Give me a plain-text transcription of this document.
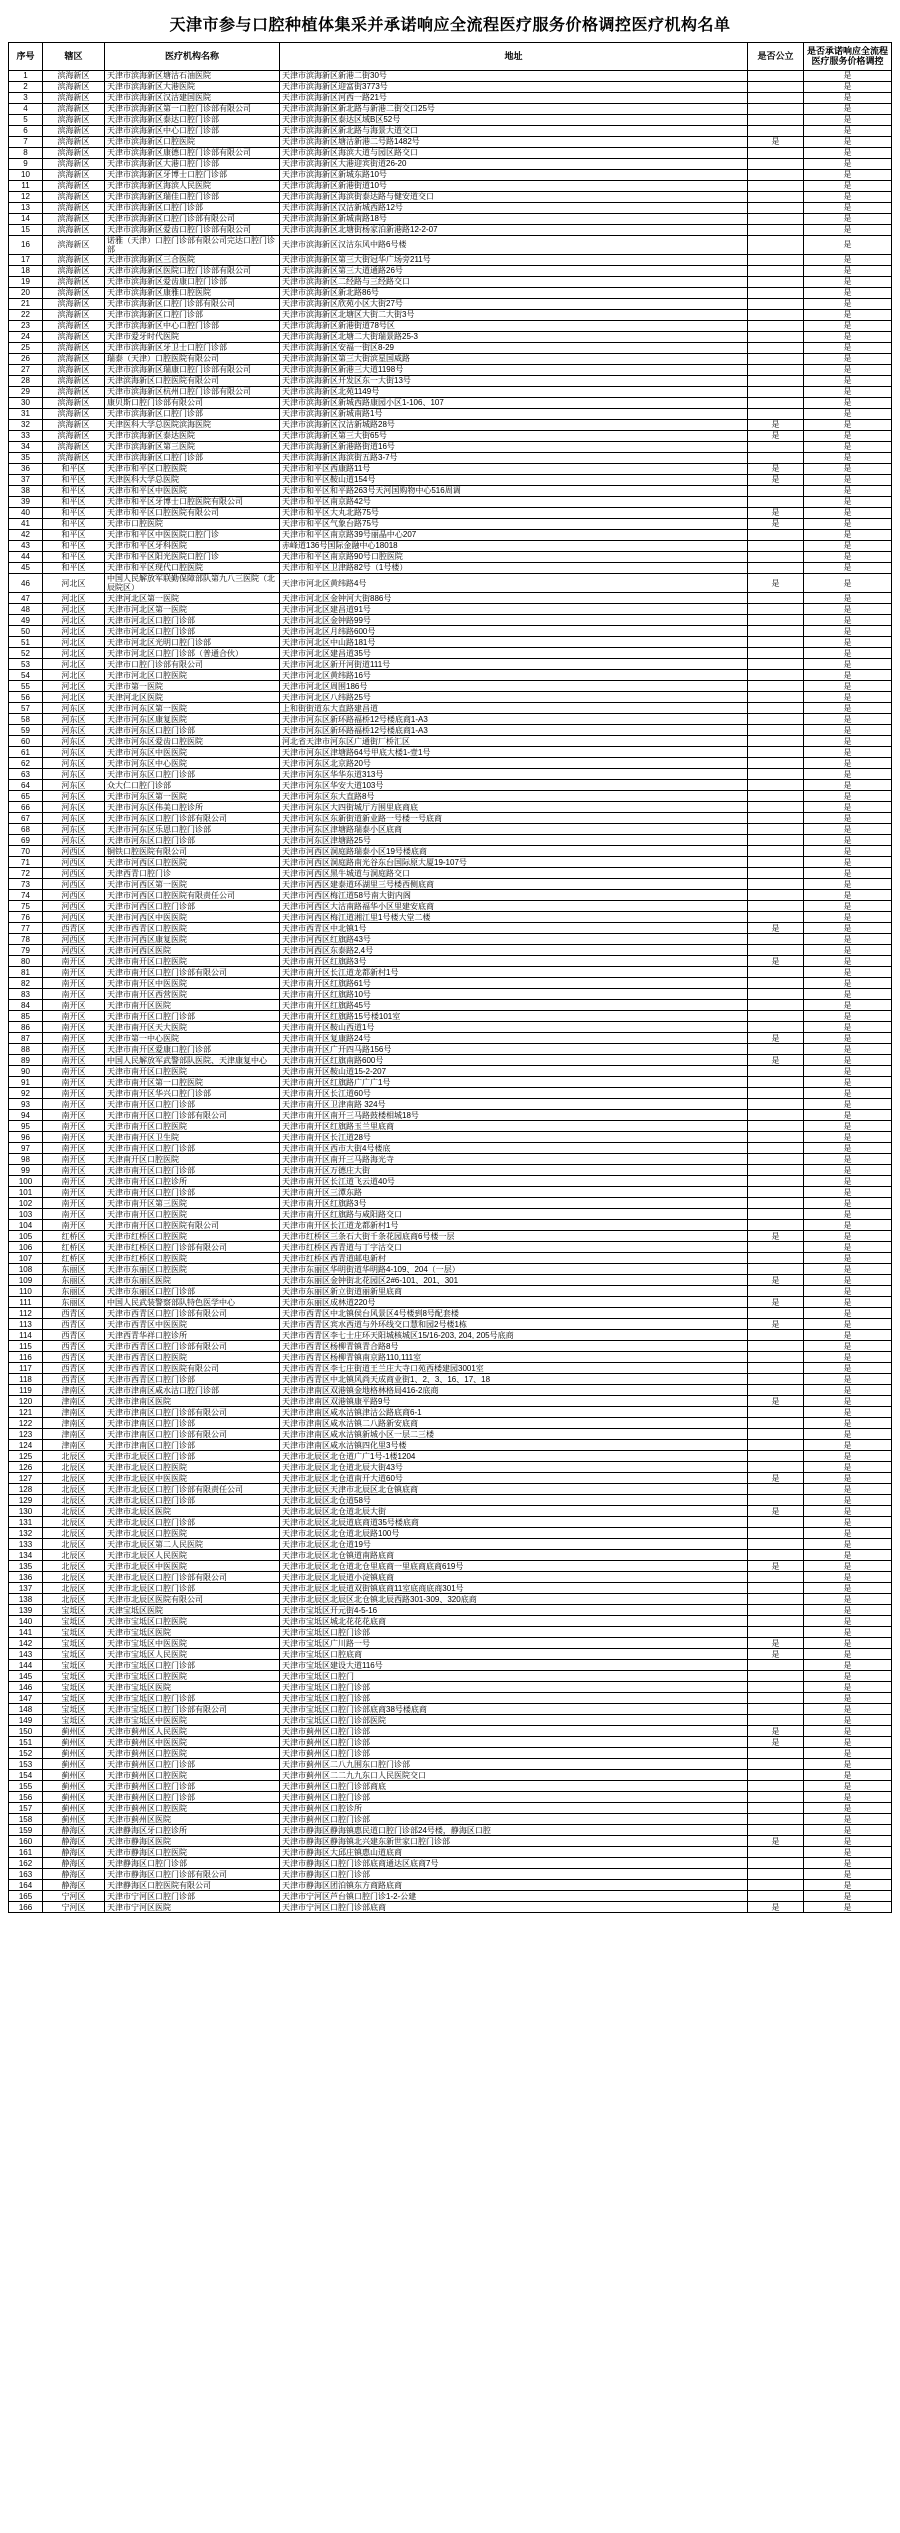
天津市参与口腔种植体集采并承诺响应全流程医疗服务价格调控医疗机构名单
序号	辖区	医疗机构名称	地址	是否公立	是否承诺响应全流程医疗服务价格调控
1	滨海新区	天津市滨海新区塘沽石油医院	天津市滨海新区新港二街30号		是
2	滨海新区	天津市滨海新区大港医院	天津市滨海新区迎富街3773号		是
3	滨海新区	天津市滨海新区汉沽建国医院	天津市滨海新区河西一路21号		是
4	滨海新区	天津市滨海新区第一口腔门诊部有限公司	天津市滨海新区新北路与新港二街交口25号		是
5	滨海新区	天津市滨海新区泰达口腔门诊部	天津市滨海新区泰达区域B区52号		是
6	滨海新区	天津市滨海新区中心口腔门诊部	天津市滨海新区新北路与海景大道交口		是
7	滨海新区	天津市滨海新区口腔医院	天津市滨海新区塘沽新港二号路1482号	是	是
8	滨海新区	天津市滨海新区康德口腔门诊部有限公司	天津市滨海新区海滨大道与园区路交口		是
9	滨海新区	天津市滨海新区大港口腔门诊部	天津市滨海新区大港迎宾街道26-20		是
10	滨海新区	天津市滨海新区牙博士口腔门诊部	天津市滨海新区新城东路10号		是
11	滨海新区	天津市滨海新区海滨人民医院	天津市滨海新区新港街道10号		是
12	滨海新区	天津市滨海新区瑞佳口腔门诊部	天津市滨海新区海滨街泰达路与健安道交口		是
13	滨海新区	天津市滨海新区口腔门诊部	天津市滨海新区汉沽新城西路12号		是
14	滨海新区	天津市滨海新区口腔门诊部有限公司	天津市滨海新区新城南路18号		是
15	滨海新区	天津市滨海新区爱齿口腔门诊部有限公司	天津市滨海新区北塘街杨家泊新港路12-2-07		是
16	滨海新区	诺雅（天津）口腔门诊部有限公司完达口腔门诊部	天津市滨海新区汉沽东风中路6号楼		是
17	滨海新区	天津市滨海新区三合医院	天津市滨海新区第三大街冠华广场旁211号		是
18	滨海新区	天津市滨海新区医院口腔门诊部有限公司	天津市滨海新区第三大道通路26号		是
19	滨海新区	天津市滨海新区爱齿康口腔门诊部	天津市滨海新区二经路与三经路交口		是
20	滨海新区	天津市滨海新区康雅口腔医院	天津市滨海新区新北路86号		是
21	滨海新区	天津市滨海新区口腔门诊部有限公司	天津市滨海新区欣苑小区大街27号		是
22	滨海新区	天津市滨海新区口腔门诊部	天津市滨海新区北塘区大街二大街3号		是
23	滨海新区	天津市滨海新区中心口腔门诊部	天津市滨海新区新港街道78﻿号区		是
24	滨海新区	天津市爱牙时代医院	天津市滨海新区北塘二大街瑞景路25-3		是
25	滨海新区	天津市滨海新区牙卫士口腔门诊部	天津市滨海新区安福一街区8-29		是
26	滨海新区	瑞泰（天津）口腔医院有限公司	天津市滨海新区第三大街滨星国威路		是
27	滨海新区	天津市滨海新区瑞康口腔门诊部有限公司	天津市滨海新区新港三大道1198号		是
28	滨海新区	天津滨海新区口腔医院有限公司	天津市滨海新区开发区东一大街13号		是
29	滨海新区	天津市滨海新区杭州口腔门诊部有限公司	天津市滨海新区北苑1149号		是
30	滨海新区	康贝斯口腔门诊部有限公司	天津市滨海新区新城西路康园小区1-106、107		是
31	滨海新区	天津市滨海新区口腔门诊部	天津市滨海新区新城南路1号		是
32	滨海新区	天津医科大学总医院滨海医院	天津市滨海新区汉沽新城路28号	是	是
33	滨海新区	天津市滨海新区泰达医院	天津市滨海新区第三大街65号	是	是
34	滨海新区	天津市滨海新区第三医院	天津市滨海新区新港路街道16号		是
35	滨海新区	天津市滨海新区口腔门诊部	天津市滨海新区海滨街五路3-7号		是
36	和平区	天津市和平区口腔医院	天津市和平区西康路11号	是	是
37	和平区	天津医科大学总医院	天津市和平区鞍山道154号	是	是
38	和平区	天津市和平区中医医院	天津市和平区和平路263号天河国购物中心516周调		是
39	和平区	天津市和平区牙博士口腔医院有限公司	天津市和平区南京路42号		是
40	和平区	天津市和平区口腔医院有限公司	天津市和平区大丸北路75号	是	是
41	和平区	天津市口腔医院	天津市和平区气象台路75号	是	是
42	和平区	天津市和平区中医医院口腔门诊	天津市和平区南京路39号丽晶中心207		是
43	和平区	天津市和平区牙科医院	赤峰道136号国际金融中心18018		是
44	和平区	天津市和平区阳光医院口腔门诊	天津市和平区南京路90号口腔医院		是
45	和平区	天津市和平区现代口腔医院	天津市和平区卫津路82号（1号楼）		是
46	河北区	中国人民解放军联勤保障部队第九八三医院（北辰院区）	天津市河北区黄纬路4号	是	是
47	河北区	天津河北区第一医院	天津市河北区金钟河大街886号		是
48	河北区	天津市河北区第一医院	天津市河北区建昌道91号		是
49	河北区	天津市河北区口腔门诊部	天津市河北区金钟路99号		是
50	河北区	天津市河北区口腔门诊部	天津市河北区月纬路600号		是
51	河北区	天津市河北区光明口腔门诊部	天津市河北区中山路181号		是
52	河北区	天津市河北区口腔门诊部（普通合伙）	天津市河北区建昌道35号		是
53	河北区	天津市口腔门诊部有限公司	天津市河北区新开河街道111号		是
54	河北区	天津市河北区口腔医院	天津市河北区黄纬路16号		是
55	河北区	天津市第一医院	天津市河北区周围186号		是
56	河北区	天津河北区医院	天津市河北区八纬路25号		是
57	河东区	天津市河东区第一医院	上和街街道东大直路建昌道		是
58	河东区	天津市河东区康复医院	天津市河东区新环路福桥12号楼底商1-A3		是
59	河东区	天津市河东区口腔门诊部	天津市河东区新环路福桥12号楼底商1-A3		是
60	河东区	天津市河东区爱齿口腔医院	河北省天津市河东区广通街厂桥汇区		是
61	河东区	天津市河东区中医医院	天津市河东区津塘路64号甲底大楼1-壹1号		是
62	河东区	天津市河东区中心医院	天津市河东区北京路20号		是
63	河东区	天津市河东区口腔门诊部	天津市河东区华华东道313号		是
64	河东区	众大仁口腔门诊部	天津市河东区华安大道103号		是
65	河东区	天津市河东区第一医院	天津市河东区东大直路8号		是
66	河东区	天津市河东区伟美口腔诊所	天津市河东区大四街城厅方围里底商底		是
67	河东区	天津市河东区口腔门诊部有限公司	天津市河东区东新街道新业路一号楼一号底商		是
68	河东区	天津市河东区乐恩口腔门诊部	天津市河东区津塘路瑞泰小区底商		是
69	河东区	天津市河东区口腔门诊部	天津市河东区津塘路25号		是
70	河西区	铜铁口腔医院有限公司	天津市河西区洞庭路瑞泰小区19号楼底商		是
71	河西区	天津市河西区口腔医院	天津市河西区洞庭路南光谷东台国际原大厦19-107号		是
72	河西区	天津西青口腔门诊	天津市河西区黑牛城道与洞庭路交口		是
73	河西区	天津市河西区第一医院	天津市河西区建泰道环湖里三号楼西侧底商		是
74	河西区	天津市河西区口腔医院有限责任公司	天津市河西区梅江道58号南大街内阁		是
75	河西区	天津市河西区口腔门诊部	天津市河西区大沽南路福华小区里建安底商		是
76	河西区	天津市河西区中医医院	天津市河西区梅江道湘江里1号楼大堂二楼		是
77	西青区	天津市西青区口腔医院	天津市西青区中北镇1号	是	是
78	河西区	天津市河西区康复医院	天津市河西区红旗路43号		是
79	河西区	天津市河西区医院	天津市河西区东泰路2,4号		是
80	南开区	天津市南开区口腔医院	天津市南开区红旗路3号	是	是
81	南开区	天津市南开区口腔门诊部有限公司	天津市南开区长江道龙都新村1号		是
82	南开区	天津市南开区中医医院	天津市南开区红旗路61号		是
83	南开区	天津市南开区西营医院	天津市南开区红旗路10号		是
84	南开区	天津市南开区医院	天津市南开区红旗路45号		是
85	南开区	天津市南开区口腔门诊部	天津市南开区红旗路15号楼101室		是
86	南开区	天津市南开区天大医院	天津市南开区鞍山西道1号		是
87	南开区	天津市第一中心医院	天津市南开区复康路24号	是	是
88	南开区	天津市南开区爱康口腔门诊部	天津市南开区广开四马路156号		是
89	南开区	中国人民解放军武警部队医院、天津康复中心	天津市南开区红旗南路600号	是	是
90	南开区	天津市南开区口腔医院	天津市南开区鞍山道15-2-207		是
91	南开区	天津市南开区第一口腔医院	天津市南开区红旗路广广广1号		是
92	南开区	天津市南开区华兴口腔门诊部	天津市南开区长江道60号		是
93	南开区	天津市南开区口腔门诊部	天津市南开区卫津南路 324号		是
94	南开区	天津市南开区口腔门诊部有限公司	天津市南开区南开三马路鼓楼相城18号		是
95	南开区	天津市南开区口腔医院	天津市南开区红旗路玉兰里底商		是
96	南开区	天津市南开区卫生院	天津市南开区长江道28号		是
97	南开区	天津市南开区口腔门诊部	天津市南开区西市大街4号楼底		是
98	南开区	天津南开区口腔医院	天津市南开区南开三马路海光寺		是
99	南开区	天津市南开区口腔门诊部	天津市南开区万德庄大街		是
100	南开区	天津市南开区口腔诊所	天津市南开区长江道飞云道40号		是
101	南开区	天津市南开区口腔门诊部	天津市南开区三潭东路		是
102	南开区	天津市南开区第三医院	天津市南开区红旗路3号		是
103	南开区	天津市南开区口腔医院	天津市南开区红旗路与咸阳路交口		是
104	南开区	天津市南开区口腔医院有限公司	天津市南开区长江道龙都新村1号		是
105	红桥区	天津市红桥区口腔医院	天津市红桥区三条石大街千条花园底商6号楼一层	是	是
106	红桥区	天津市红桥区口腔门诊部有限公司	天津市红桥区西青道与丁字沽交口		是
107	红桥区	天津市红桥区口腔医院	天津市红桥区西青道邮电新村		是
108	东丽区	天津市东丽区口腔医院	天津市东丽区华明街道华明路4-109、204（一层）		是
109	东丽区	天津市东丽区医院	天津市东丽区金钟街北花园区2#6-101、201、301	是	是
110	东丽区	天津市东丽区口腔门诊部	天津市东丽区新立街道丽新里底商		是
111	东丽区	中国人民武装警察部队特色医学中心	天津市东丽区成林道220号	是	是
112	西青区	天津市西青区口腔门诊部有限公司	天津市西青区中北镇侯台风景区4号楼到8号配套楼		是
113	西青区	天津市西青区中医医院	天津市西青区宾水西道与外环线交口慧和园2号楼1栋	是	是
114	西青区	天津西青华祥口腔诊所	天津市西青区李七士庄环天阳城核城区15/16-203, 204, 205号底商		是
115	西青区	天津市西青区口腔门诊部有限公司	天津市西青区杨柳青镇青合路8号		是
116	西青区	天津市西青区口腔医院	天津市西青区杨柳青镇南京路110,111室		是
117	西青区	天津市西青区口腔医院有限公司	天津市西青区李七庄街道王兰庄大寺口苑西楼建园3001室		是
118	西青区	天津市西青区口腔门诊部	天津市西青区中北镇风尚天成商业街1、2、3、16、17、18		是
119	津南区	天津市津南区咸水沽口腔门诊部	天津市津南区双港镇金地格林格局416-2底商		是
120	津南区	天津市津南区医院	天津市津南区双港镇康平路9号	是	是
121	津南区	天津市津南区口腔门诊部有限公司	天津市津南区咸水沽镇津沽公路底商6-1		是
122	津南区	天津市津南区口腔门诊部	天津市津南区咸水沽镇二八路新安底商		是
123	津南区	天津市津南区口腔门诊部有限公司	天津市津南区咸水沽镇新城小区一层二三楼		是
124	津南区	天津市津南区口腔门诊部	天津市津南区咸水沽镇四化里3号楼		是
125	北辰区	天津市北辰区口腔门诊部	天津市北辰区北仓道广广1号-1楼1204		是
126	北辰区	天津市北辰区口腔医院	天津市北辰区北仓道北辰大街43号		是
127	北辰区	天津市北辰区中医医院	天津市北辰区北仓道南开大道60号	是	是
128	北辰区	天津市北辰区口腔门诊部有限责任公司	天津市北辰区天津市北辰区北仓镇底商		是
129	北辰区	天津市北辰区口腔门诊部	天津市北辰区北仓道58号		是
130	北辰区	天津市北辰区医院	天津市北辰区北仓道北辰大街	是	是
131	北辰区	天津市北辰区口腔门诊部	天津市北辰区北辰道底商道35号楼底商		是
132	北辰区	天津市北辰区口腔医院	天津市北辰区北仓道北辰路100号		是
133	北辰区	天津市北辰区第二人民医院	天津市北辰区北仓道19号		是
134	北辰区	天津市北辰区人民医院	天津市北辰区北仓镇道南路底商		是
135	北辰区	天津市北辰区中医医院	天津市北辰区北仓道北仓里底商一里底商底商619号	是	是
136	北辰区	天津市北辰区口腔门诊部有限公司	天津市北辰区北辰道小淀镇底商		是
137	北辰区	天津市北辰区口腔门诊部	天津市北辰区北辰道双街镇底商11室底商底商301号		是
138	北辰区	天津市北辰区医院有限公司	天津市北辰区北辰区北仓镇北辰西路301-309、320底商		是
139	宝坻区	天津宝坻区医院	天津市宝坻区开元街4-5-16		是
140	宝坻区	天津市宝坻区口腔医院	天津市宝坻区城北花花花底商		是
141	宝坻区	天津市宝坻区医院	天津市宝坻区口腔门诊部		是
142	宝坻区	天津市宝坻区中医医院	天津市宝坻区广川路一号	是	是
143	宝坻区	天津市宝坻区人民医院	天津市宝坻区口腔底商	是	是
144	宝坻区	天津市宝坻区口腔门诊部	天津市宝坻区建设大道116号		是
145	宝坻区	天津市宝坻区口腔医院	天津市宝坻区口腔门		是
146	宝坻区	天津市宝坻区医院	天津市宝坻区口腔门诊部		是
147	宝坻区	天津市宝坻区口腔门诊部	天津市宝坻区口腔门诊部		是
148	宝坻区	天津市宝坻区口腔门诊部有限公司	天津市宝坻区口腔门诊部底商38号楼底商		是
149	宝坻区	天津市宝坻区中医医院	天津市宝坻区口腔门诊部医院		是
150	蓟州区	天津市蓟州区人民医院	天津市蓟州区口腔门诊部	是	是
151	蓟州区	天津市蓟州区中医医院	天津市蓟州区口腔门诊部	是	是
152	蓟州区	天津市蓟州区口腔医院	天津市蓟州区口腔门诊部		是
153	蓟州区	天津市蓟州区口腔门诊部	天津市蓟州区二八九围东口腔门诊部		是
154	蓟州区	天津市蓟州区口腔医院	天津市蓟州区二二九九东口人民医院交口		是
155	蓟州区	天津市蓟州区口腔门诊部	天津市蓟州区口腔门诊部商底		是
156	蓟州区	天津市蓟州区口腔门诊部	天津市蓟州区口腔门诊部		是
157	蓟州区	天津市蓟州区口腔医院	天津市蓟州区口腔诊所		是
158	蓟州区	天津市蓟州区医院	天津市蓟州区口腔门诊部		是
159	静海区	天津静海区牙口腔诊所	天津市静海区静海镇惠民道口腔门诊部24号楼，静海区口腔		是
160	静海区	天津市静海区医院	天津市静海区静海镇北兴建东新世家口腔门诊部	是	是
161	静海区	天津市静海区口腔医院	天津市静海区大邱庄镇惠山道底商		是
162	静海区	天津静海区口腔门诊部	天津市静海区口腔门诊部底商通达区底商7号		是
163	静海区	天津市静海区口腔门诊部有限公司	天津市静海区口腔门诊部		是
164	静海区	天津静海区口腔医院有限公司	天津市静海区团泊镇东方商路底商		是
165	宁河区	天津市宁河区口腔门诊部	天津市宁河区芦台镇口腔门诊1-2-公建		是
166	宁河区	天津市宁河区医院	天津市宁河区口腔门诊部底商	是	是
